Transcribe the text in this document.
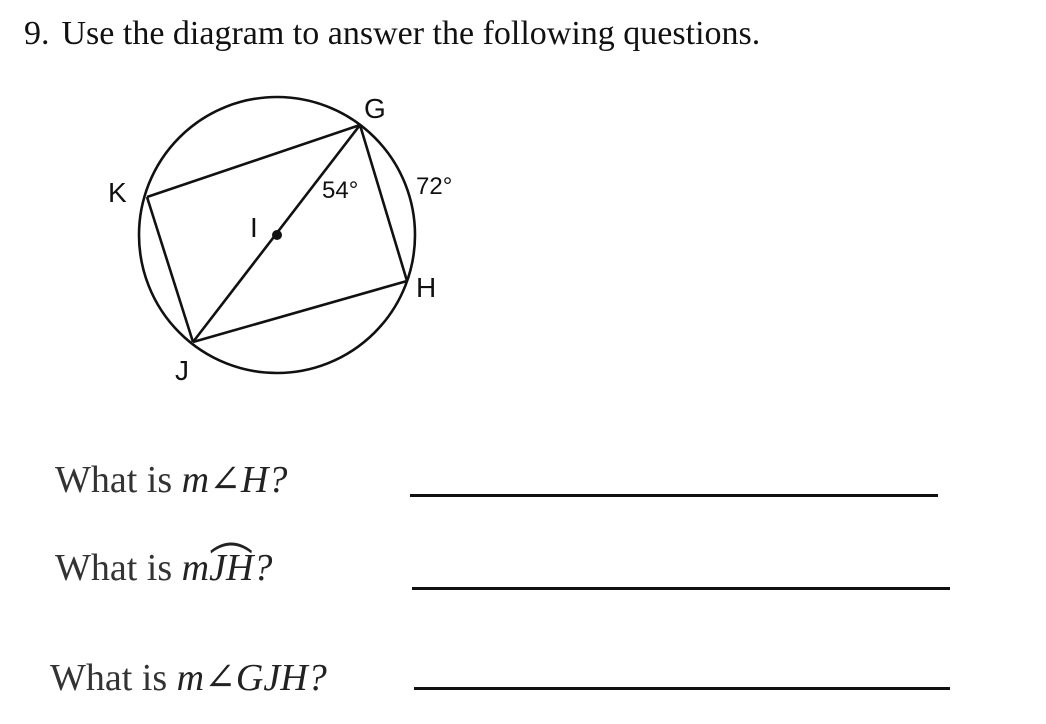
9. Use the diagram to answer the following questions.
G
K
H
J
I
54° 72°
What is m∠H?
What is m
JH?
What is m∠GJH?
